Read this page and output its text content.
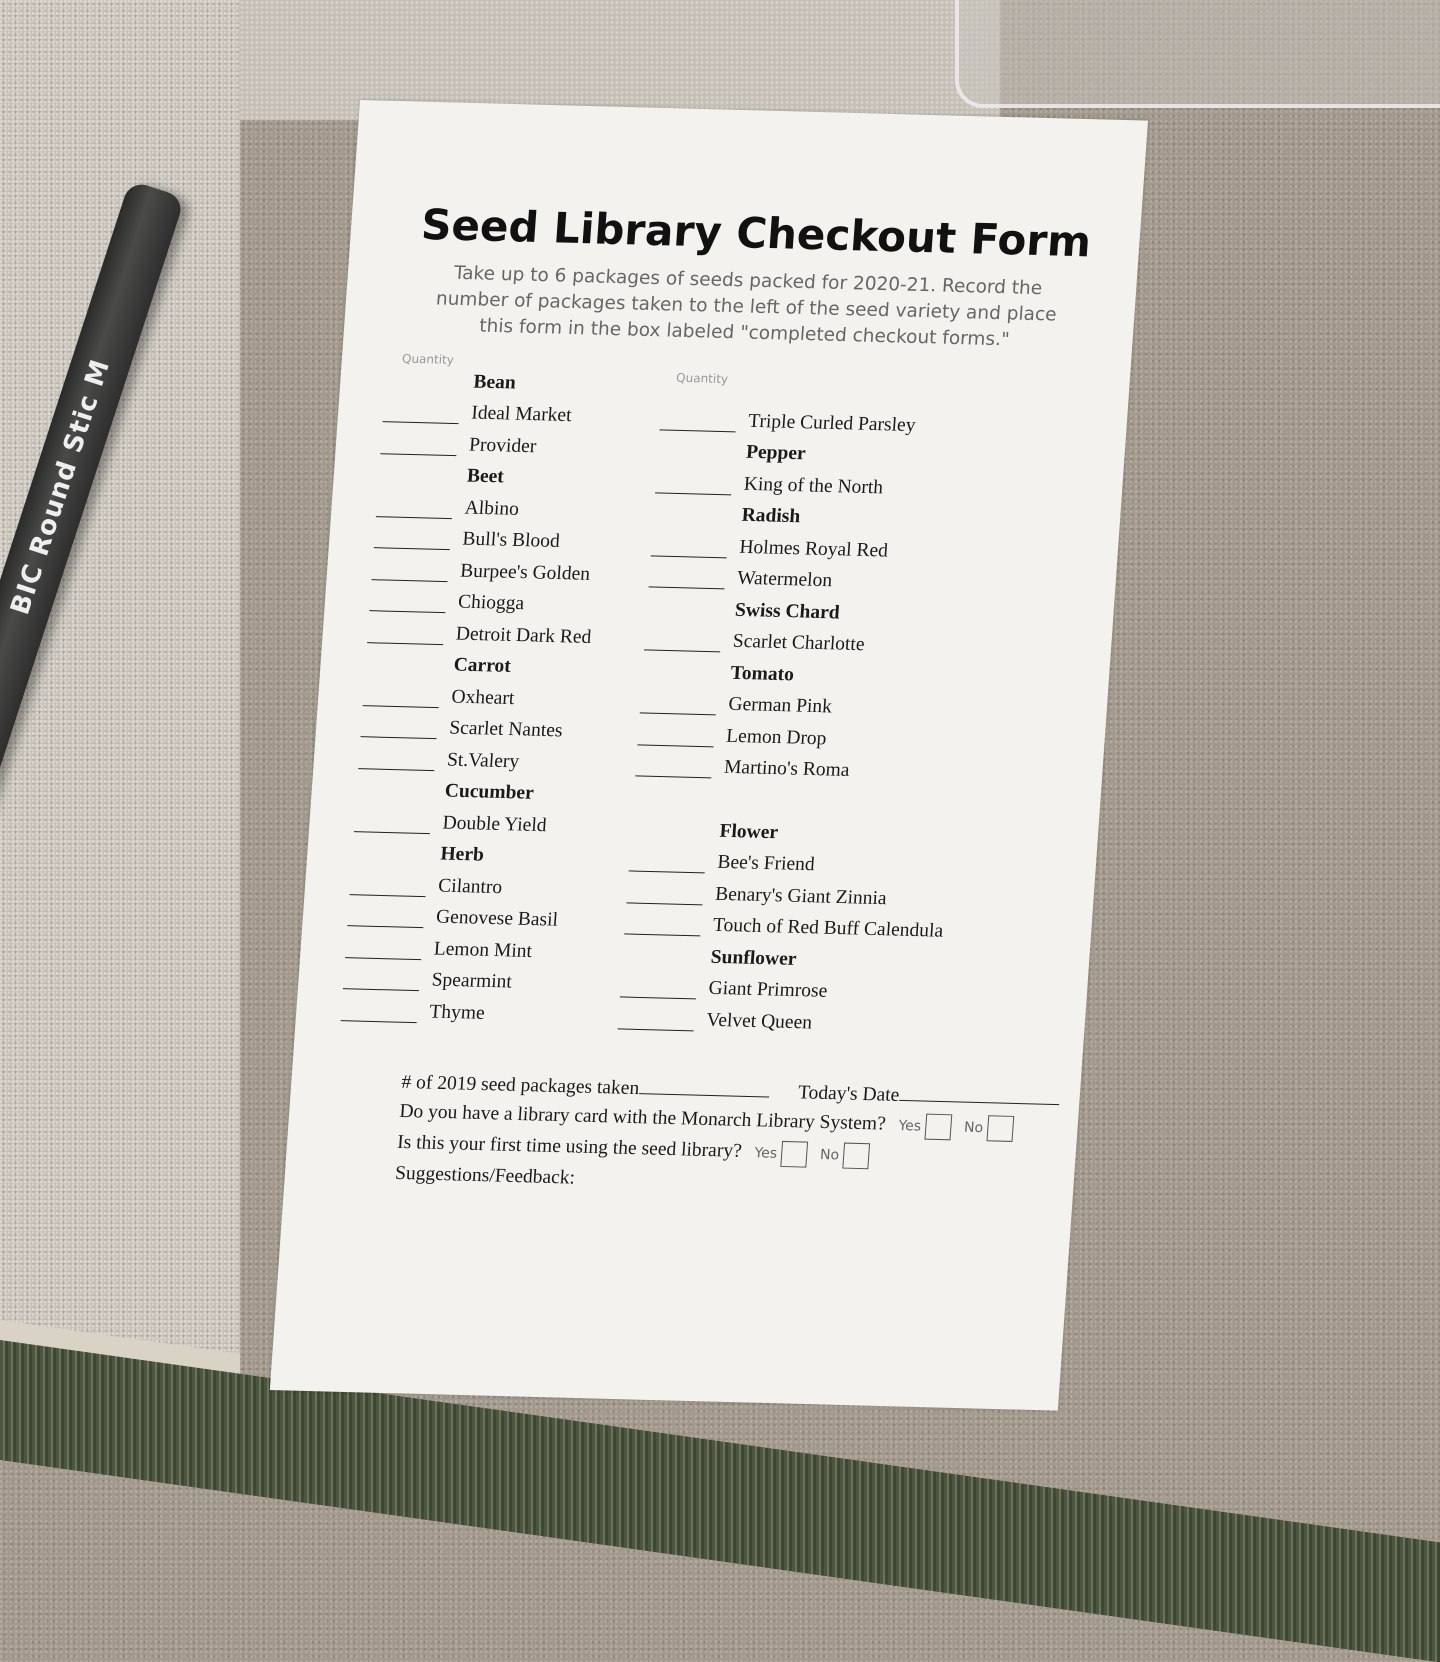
BIC Round Stic M
Seed Library Checkout Form
Take up to 6 packages of seeds packed for 2020-21. Record the number of packages taken to the left of the seed variety and place this form in the box labeled "completed checkout forms."
Quantity
Quantity
Bean
Ideal Market
Provider
Beet
Albino
Bull's Blood
Burpee's Golden
Chiogga
Detroit Dark Red
Carrot
Oxheart
Scarlet Nantes
St.Valery
Cucumber
Double Yield
Herb
Cilantro
Genovese Basil
Lemon Mint
Spearmint
Thyme
Triple Curled Parsley
Pepper
King of the North
Radish
Holmes Royal Red
Watermelon
Swiss Chard
Scarlet Charlotte
Tomato
German Pink
Lemon Drop
Martino's Roma
Flower
Bee's Friend
Benary's Giant Zinnia
Touch of Red Buff Calendula
Sunflower
Giant Primrose
Velvet Queen
# of 2019 seed packages taken	Today's Date
Do you have a library card with the Monarch Library System? Yes	No
Is this your first time using the seed library? Yes	No
Suggestions/Feedback:
